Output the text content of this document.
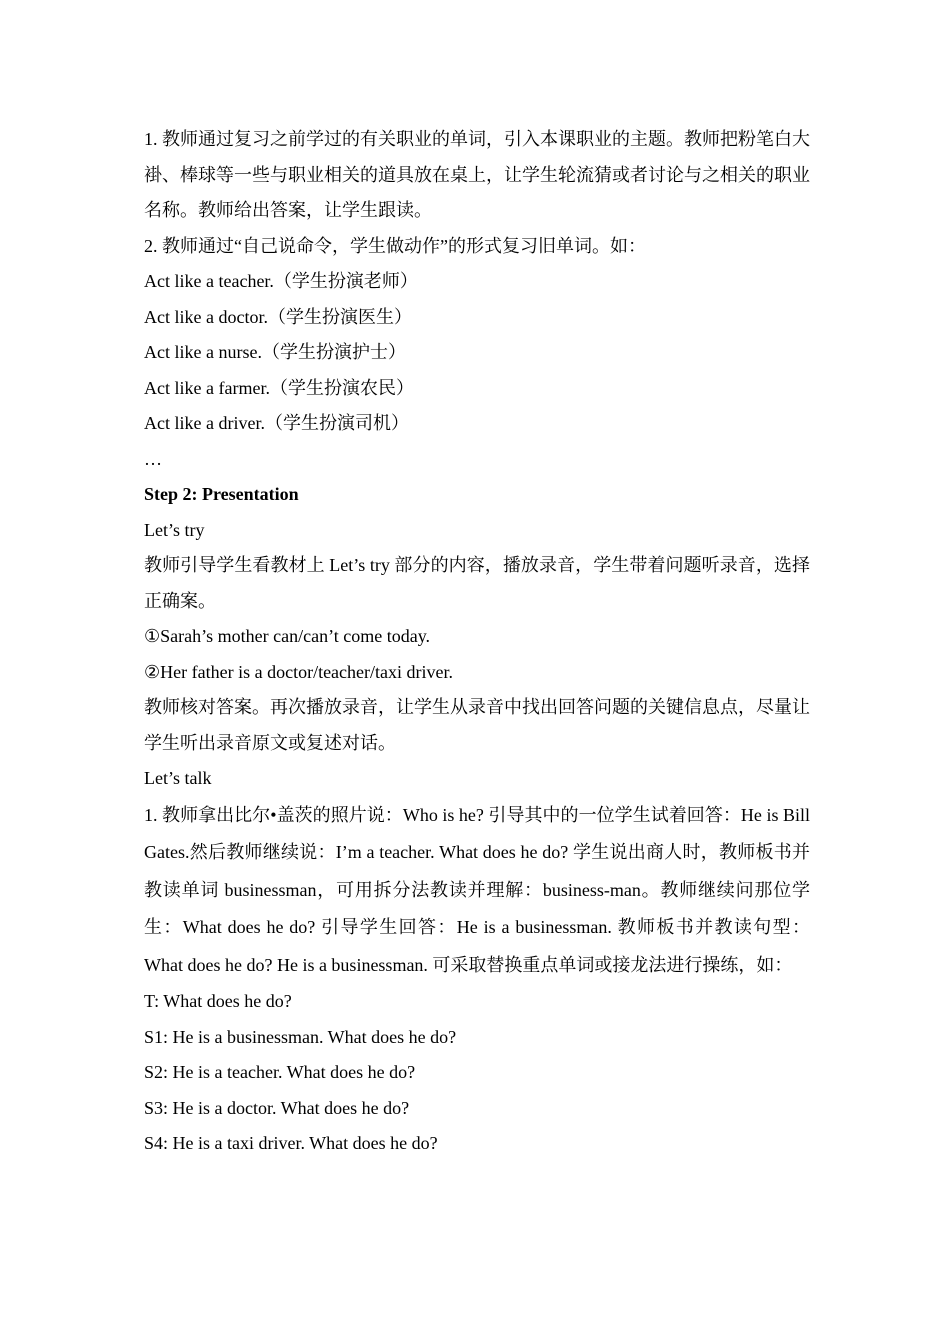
1. 教师通过复习之前学过的有关职业的单词，引入本课职业的主题。教师把粉笔白大褂、棒球等一些与职业相关的道具放在桌上，让学生轮流猜或者讨论与之相关的职业名称。教师给出答案，让学生跟读。
2. 教师通过“自己说命令，学生做动作”的形式复习旧单词。如：
Act like a teacher.（学生扮演老师）
Act like a doctor.（学生扮演医生）
Act like a nurse.（学生扮演护士）
Act like a farmer.（学生扮演农民）
Act like a driver.（学生扮演司机）
…
Step 2: Presentation
Let’s try
教师引导学生看教材上 Let’s try 部分的内容，播放录音，学生带着问题听录音，选择正确案。
①Sarah’s mother can/can’t come today.
②Her father is a doctor/teacher/taxi driver.
教师核对答案。再次播放录音，让学生从录音中找出回答问题的关键信息点，尽量让学生听出录音原文或复述对话。
Let’s talk
1. 教师拿出比尔•盖茨的照片说：Who is he? 引导其中的一位学生试着回答：He is Bill Gates.然后教师继续说：I’m a teacher. What does he do? 学生说出商人时，教师板书并教读单词 businessman，可用拆分法教读并理解：business-man。教师继续问那位学生：What does he do? 引导学生回答：He is a businessman. 教师板书并教读句型：What does he do? He is a businessman. 可采取替换重点单词或接龙法进行操练，如：
T: What does he do?
S1: He is a businessman. What does he do?
S2: He is a teacher. What does he do?
S3: He is a doctor. What does he do?
S4: He is a taxi driver. What does he do?
